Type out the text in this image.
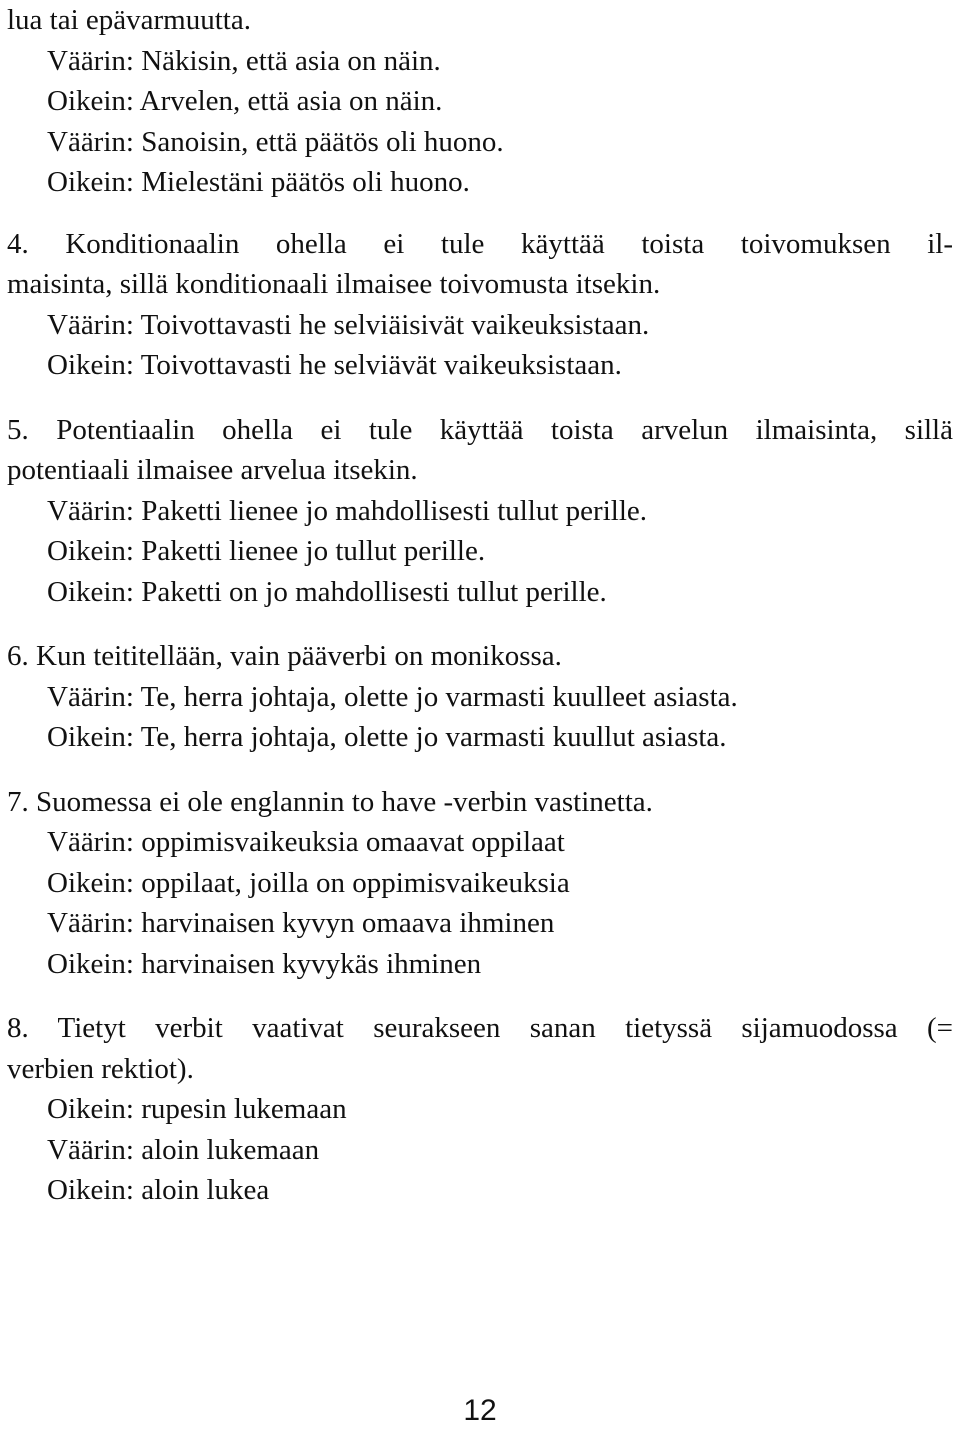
lua tai epävarmuutta.
Väärin: Näkisin, että asia on näin.
Oikein: Arvelen, että asia on näin.
Väärin: Sanoisin, että päätös oli huono.
Oikein: Mielestäni päätös oli huono.
4. Konditionaalin ohella ei tule käyttää toista toivomuksen il-
maisinta, sillä konditionaali ilmaisee toivomusta itsekin.
Väärin: Toivottavasti he selviäisivät vaikeuksistaan.
Oikein: Toivottavasti he selviävät vaikeuksistaan.
5. Potentiaalin ohella ei tule käyttää toista arvelun ilmaisinta, sillä
potentiaali ilmaisee arvelua itsekin.
Väärin: Paketti lienee jo mahdollisesti tullut perille.
Oikein: Paketti lienee jo tullut perille.
Oikein: Paketti on jo mahdollisesti tullut perille.
6. Kun teititellään, vain pääverbi on monikossa.
Väärin: Te, herra johtaja, olette jo varmasti kuulleet asiasta.
Oikein: Te, herra johtaja, olette jo varmasti kuullut asiasta.
7. Suomessa ei ole englannin to have -verbin vastinetta.
Väärin: oppimisvaikeuksia omaavat oppilaat
Oikein: oppilaat, joilla on oppimisvaikeuksia
Väärin: harvinaisen kyvyn omaava ihminen
Oikein: harvinaisen kyvykäs ihminen
8. Tietyt verbit vaativat seurakseen sanan tietyssä sijamuodossa (=
verbien rektiot).
Oikein: rupesin lukemaan
Väärin: aloin lukemaan
Oikein: aloin lukea
12
